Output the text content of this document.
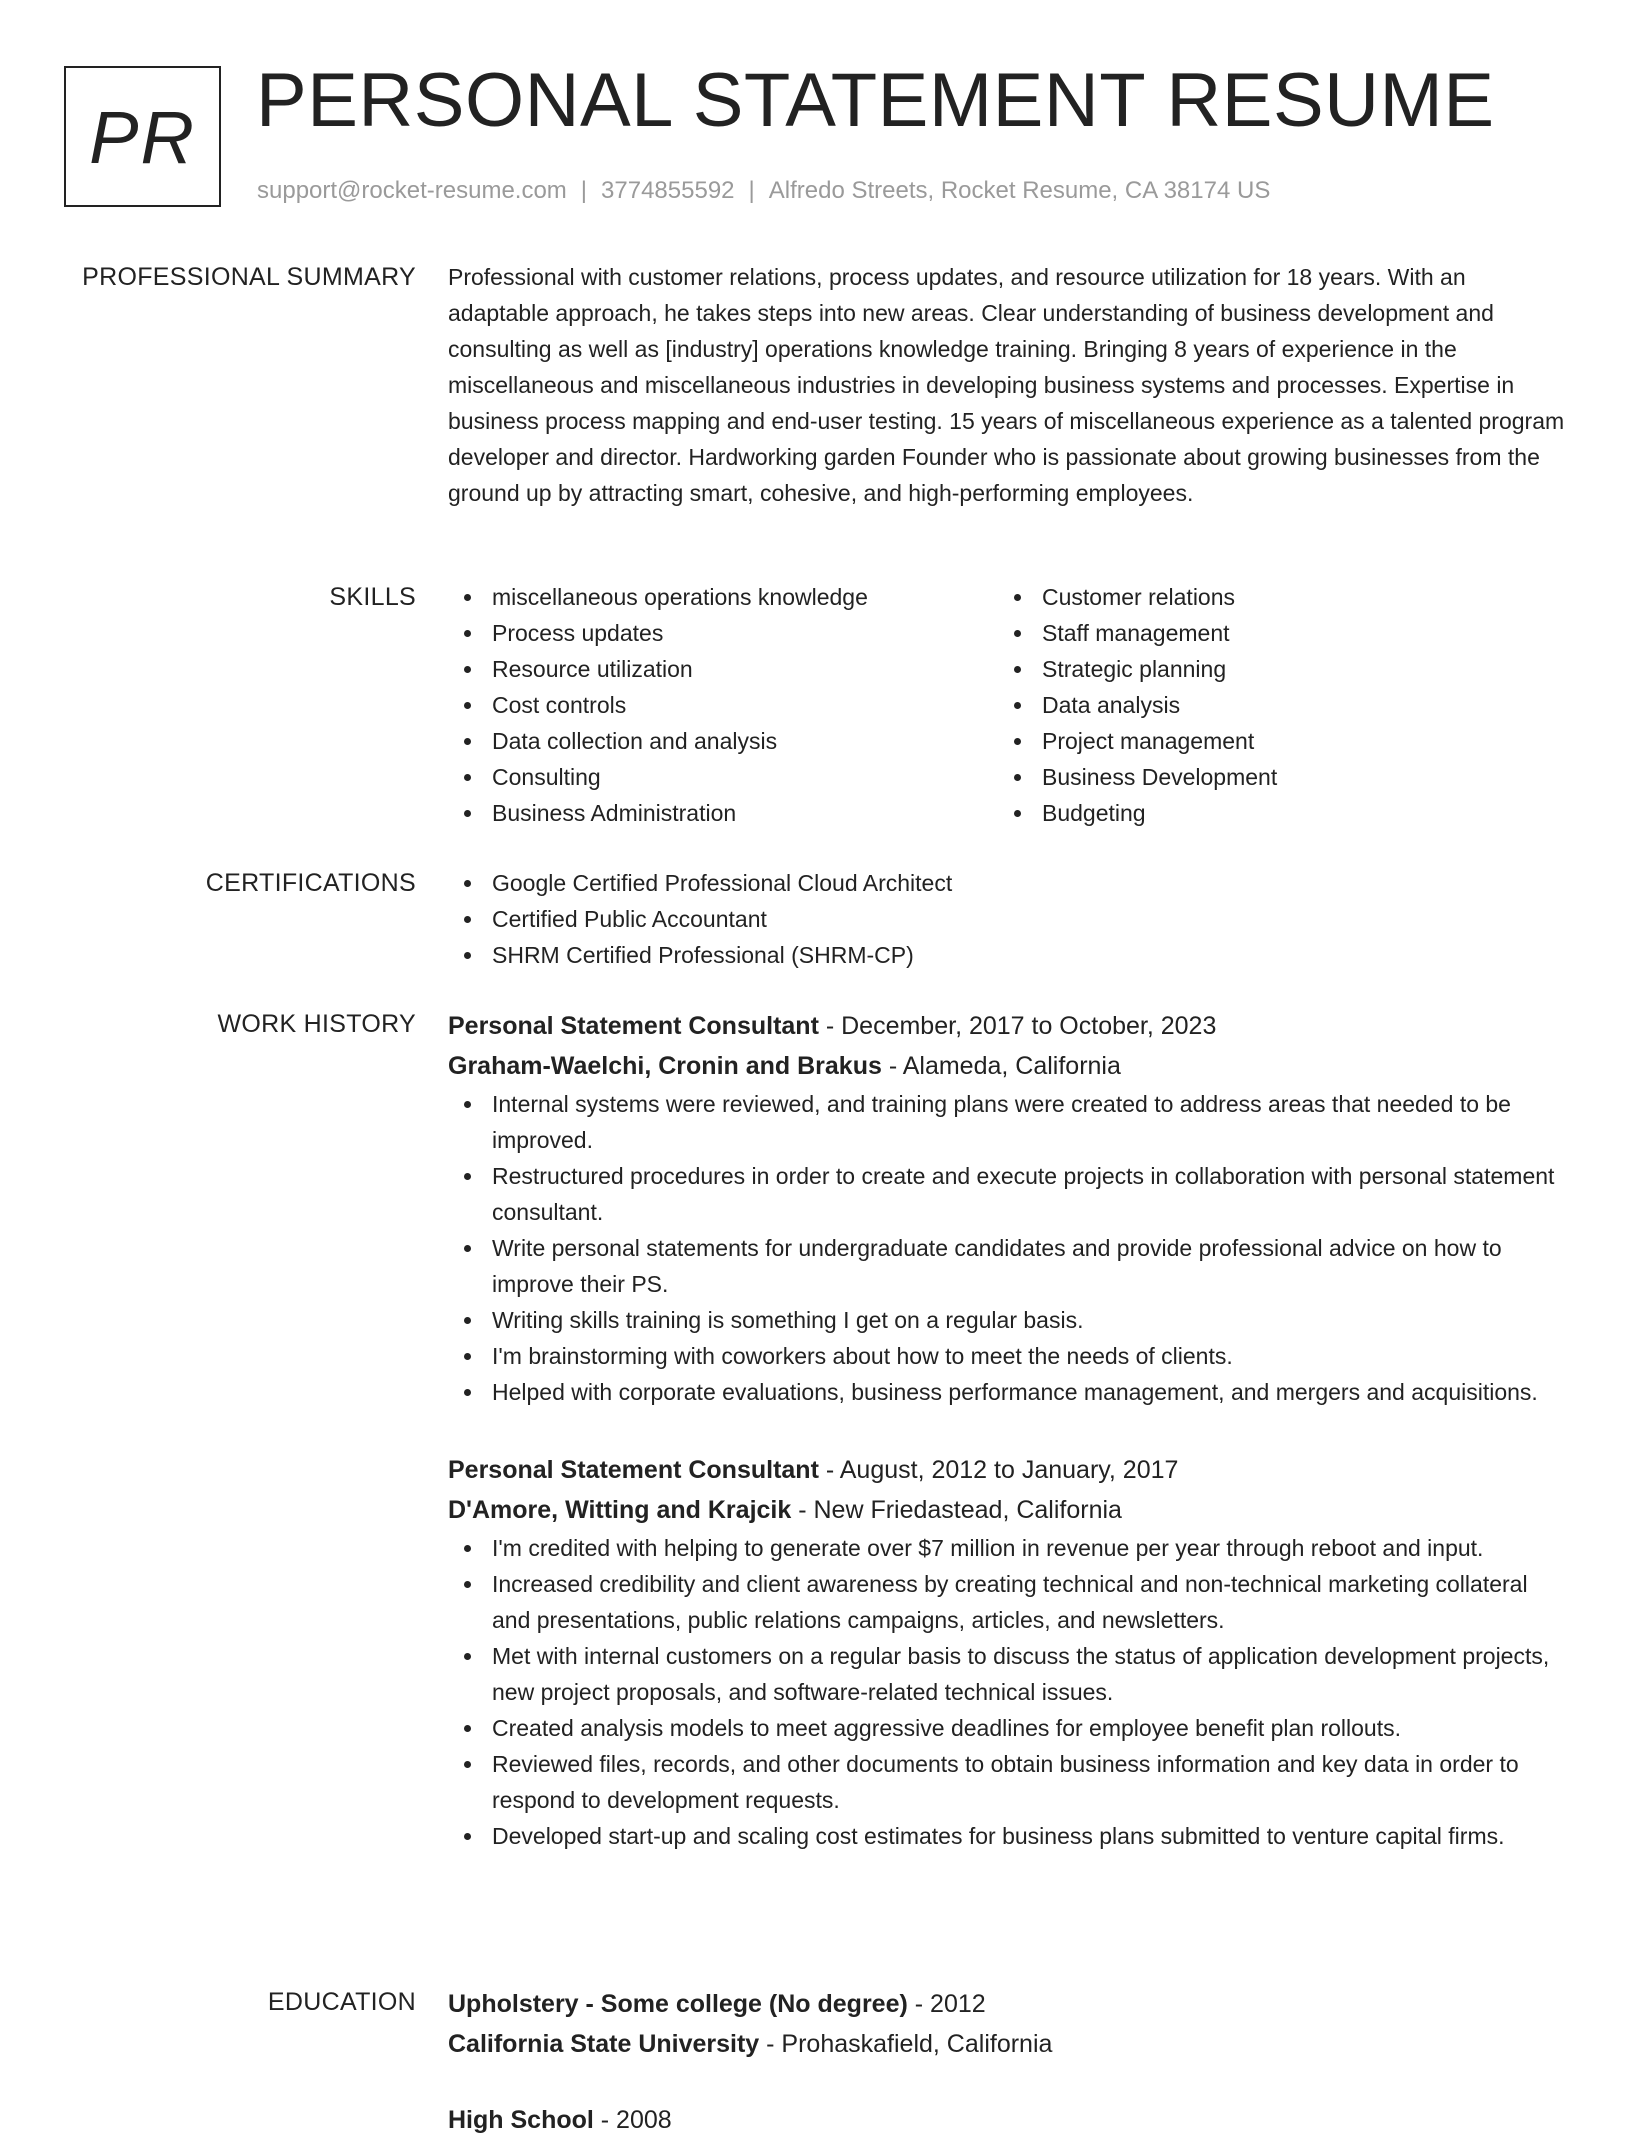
PR PERSONAL STATEMENT RESUME
support@rocket-resume.com | 3774855592 | Alfredo Streets, Rocket Resume, CA 38174 US
PROFESSIONAL SUMMARY Professional with customer relations, process updates, and resource utilization for 18 years. With an adaptable approach, he takes steps into new areas. Clear understanding of business development and consulting as well as [industry] operations knowledge training. Bringing 8 years of experience in the miscellaneous and miscellaneous industries in developing business systems and processes. Expertise in business process mapping and end-user testing. 15 years of miscellaneous experience as a talented program developer and director. Hardworking garden Founder who is passionate about growing businesses from the ground up by attracting smart, cohesive, and high-performing employees.

SKILLS	miscellaneous operations knowledge
Process updates
Resource utilization
Cost controls
Data collection and analysis
Consulting
Business Administration
Customer relations
Staff management
Strategic planning
Data analysis
Project management
Business Development
Budgeting
CERTIFICATIONS	Google Certified Professional Cloud Architect
Certified Public Accountant
SHRM Certified Professional (SHRM-CP)
WORK HISTORY Personal Statement Consultant - December, 2017 to October, 2023
Graham-Waelchi, Cronin and Brakus - Alameda, California
Internal systems were reviewed, and training plans were created to address areas that needed to be improved.
Restructured procedures in order to create and execute projects in collaboration with personal statement consultant.
Write personal statements for undergraduate candidates and provide professional advice on how to improve their PS.
Writing skills training is something I get on a regular basis.
I'm brainstorming with coworkers about how to meet the needs of clients.
Helped with corporate evaluations, business performance management, and mergers and acquisitions.
Personal Statement Consultant - August, 2012 to January, 2017
D'Amore, Witting and Krajcik - New Friedastead, California
I'm credited with helping to generate over $7 million in revenue per year through reboot and input.
Increased credibility and client awareness by creating technical and non-technical marketing collateral and presentations, public relations campaigns, articles, and newsletters.
Met with internal customers on a regular basis to discuss the status of application development projects, new project proposals, and software-related technical issues.
Created analysis models to meet aggressive deadlines for employee benefit plan rollouts.
Reviewed files, records, and other documents to obtain business information and key data in order to respond to development requests.
Developed start-up and scaling cost estimates for business plans submitted to venture capital firms.
EDUCATION Upholstery - Some college (No degree) - 2012
California State University - Prohaskafield, California
High School - 2008
